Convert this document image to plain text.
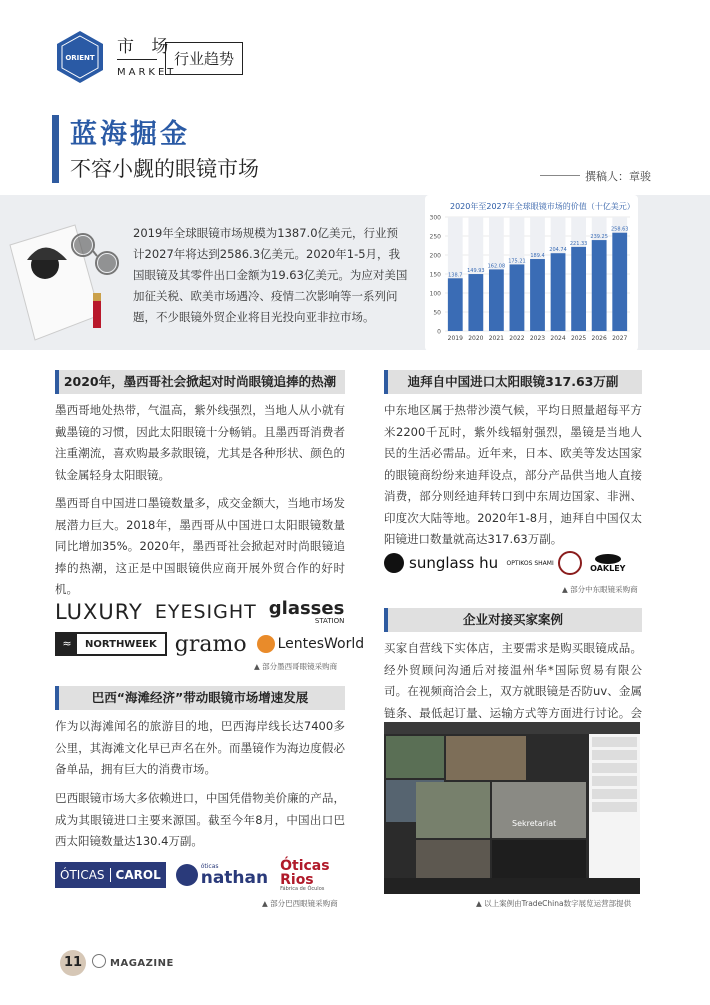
ORIENT
市 场
MARKET
行业趋势
蓝海掘金
不容小觑的眼镜市场	撰稿人：章骏
2019年全球眼镜市场规模为1387.0亿美元，行业预计2027年将达到2586.3亿美元。2020年1-5月，我国眼镜及其零件出口金额为19.63亿美元。为应对美国加征关税、欧美市场遇冷、疫情二次影响等一系列问题，不少眼镜外贸企业将目光投向亚非拉市场。
2020年至2027年全球眼镜市场的价值（十亿美元）
0
50
100
150
200
250
300
138.7
2019
149.93
2020
162.08
2021
175.21
2022
189.4
2023
204.74
2024
221.33
2025
239.25
2026
258.63
2027
2020年，墨西哥社会掀起对时尚眼镜追捧的热潮
墨西哥地处热带，气温高，紫外线强烈，当地人从小就有戴墨镜的习惯，因此太阳眼镜十分畅销。且墨西哥消费者注重潮流，喜欢购最多款眼镜，尤其是各种形状、颜色的钛金属轻身太阳眼镜。
墨西哥自中国进口墨镜数量多，成交金额大，当地市场发展潜力巨大。2018年，墨西哥从中国进口太阳眼镜数量同比增加35%。2020年，墨西哥社会掀起对时尚眼镜追捧的热潮，这正是中国眼镜供应商开展外贸合作的好时机。
LUXURY EYESIGHT glasses
STATION
≈	NORTHWEEK gramo LentesWorld
▲ 部分墨西哥眼镜采购商
巴西“海滩经济”带动眼镜市场增速发展
作为以海滩闻名的旅游目的地，巴西海岸线长达7400多公里，其海滩文化早已声名在外。而墨镜作为海边度假必备单品，拥有巨大的消费市场。
巴西眼镜市场大多依赖进口，中国凭借物美价廉的产品，成为其眼镜进口主要来源国。截至今年8月，中国出口巴西太阳镜数量达130.4万副。
ÓTICAS CAROL
óticas
nathan
Óticas
Rios
Fábrica de Óculos
▲ 部分巴西眼镜采购商
迪拜自中国进口太阳眼镜317.63万副
中东地区属于热带沙漠气候，平均日照量超每平方米2200千瓦时，紫外线辐射强烈，墨镜是当地人民的生活必需品。近年来，日本、欧美等发达国家的眼镜商纷纷来迪拜设点，部分产品供当地人直接消费，部分则经迪拜转口到中东周边国家、非洲、印度次大陆等地。2020年1-8月，迪拜自中国仅太阳镜进口数量就高达317.63万副。
sunglass hu OPTIKOS SHAMI
OAKLEY
▲ 部分中东眼镜采购商
企业对接买家案例
买家自营线下实体店，主要需求是购买眼镜成品。经外贸顾问沟通后对接温州华*国际贸易有限公司。在视频商洽会上，双方就眼镜是否防uv、金属链条、最低起订量、运输方式等方面进行讨论。会
Sekretariat
▲ 以上案例由TradeChina数字展览运营部提供
11	MAGAZINE
